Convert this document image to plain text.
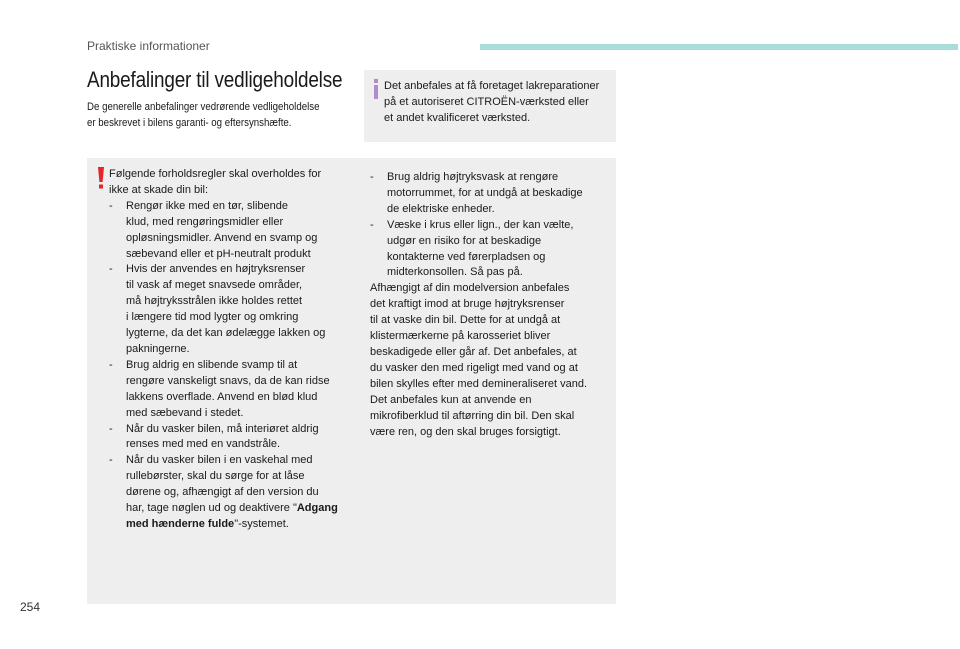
Praktiske informationer
Anbefalinger til vedligeholdelse
De generelle anbefalinger vedrørende vedligeholdelse
er beskrevet i bilens garanti- og eftersynshæfte.
Det anbefales at få foretaget lakreparationer
på et autoriseret CITROËN-værksted eller
et andet kvalificeret værksted.
Følgende forholdsregler skal overholdes for
ikke at skade din bil:
- Rengør ikke med en tør, slibende
klud, med rengøringsmidler eller
opløsningsmidler. Anvend en svamp og
sæbevand eller et pH-neutralt produkt
- Hvis der anvendes en højtryksrenser
til vask af meget snavsede områder,
må højtryksstrålen ikke holdes rettet
i længere tid mod lygter og omkring
lygterne, da det kan ødelægge lakken og
pakningerne.
- Brug aldrig en slibende svamp til at
rengøre vanskeligt snavs, da de kan ridse
lakkens overflade. Anvend en blød klud
med sæbevand i stedet.
- Når du vasker bilen, må interiøret aldrig
renses med med en vandstråle.
- Når du vasker bilen i en vaskehal med
rullebørster, skal du sørge for at låse
dørene og, afhængigt af den version du
har, tage nøglen ud og deaktivere "Adgang
med hænderne fulde"-systemet.
- Brug aldrig højtryksvask at rengøre
motorrummet, for at undgå at beskadige
de elektriske enheder.
- Væske i krus eller lign., der kan vælte,
udgør en risiko for at beskadige
kontakterne ved førerpladsen og
midterkonsollen. Så pas på.
Afhængigt af din modelversion anbefales
det kraftigt imod at bruge højtryksrenser
til at vaske din bil. Dette for at undgå at
klistermærkerne på karosseriet bliver
beskadigede eller går af. Det anbefales, at
du vasker den med rigeligt med vand og at
bilen skylles efter med demineraliseret vand.
Det anbefales kun at anvende en
mikrofiberklud til aftørring din bil. Den skal
være ren, og den skal bruges forsigtigt.
254
